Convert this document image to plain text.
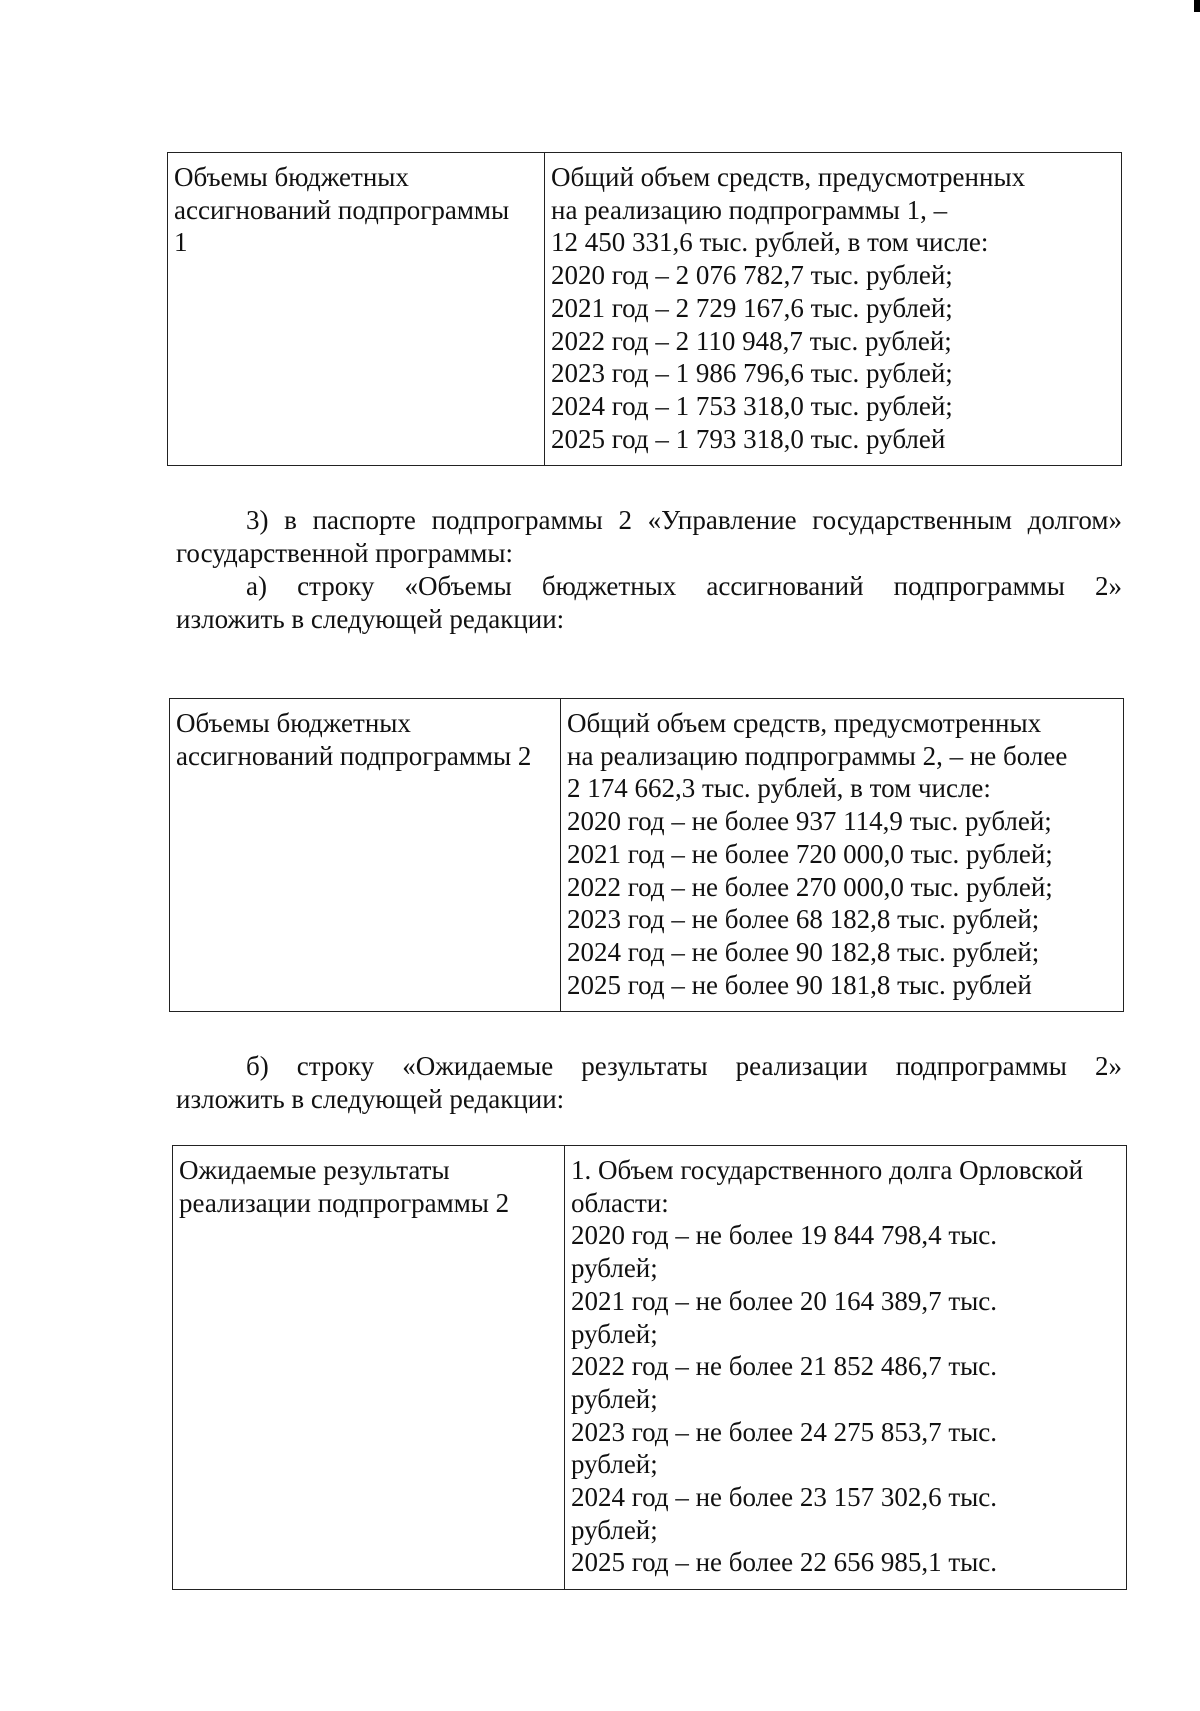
Объемы бюджетных
ассигнований подпрограммы
1

Общий объем средств, предусмотренных
на реализацию подпрограммы 1, –
12 450 331,6 тыс. рублей, в том числе:
2020 год – 2 076 782,7 тыс. рублей;
2021 год – 2 729 167,6 тыс. рублей;
2022 год – 2 110 948,7 тыс. рублей;
2023 год – 1 986 796,6 тыс. рублей;
2024 год – 1 753 318,0 тыс. рублей;
2025 год – 1 793 318,0 тыс. рублей
3) в паспорте подпрограммы 2 «Управление государственным долгом»
государственной программы:
а) строку «Объемы бюджетных ассигнований подпрограммы 2»
изложить в следующей редакции:
Объемы бюджетных
ассигнований подпрограммы 2

Общий объем средств, предусмотренных
на реализацию подпрограммы 2, – не более
2 174 662,3 тыс. рублей, в том числе:
2020 год – не более 937 114,9 тыс. рублей;
2021 год – не более 720 000,0 тыс. рублей;
2022 год – не более 270 000,0 тыс. рублей;
2023 год – не более 68 182,8 тыс. рублей;
2024 год – не более 90 182,8 тыс. рублей;
2025 год – не более 90 181,8 тыс. рублей
б) строку «Ожидаемые результаты реализации подпрограммы 2»
изложить в следующей редакции:
Ожидаемые результаты
реализации подпрограммы 2

1. Объем государственного долга Орловской
области:
2020 год – не более 19 844 798,4 тыс.
рублей;
2021 год – не более 20 164 389,7 тыс.
рублей;
2022 год – не более 21 852 486,7 тыс.
рублей;
2023 год – не более 24 275 853,7 тыс.
рублей;
2024 год – не более 23 157 302,6 тыс.
рублей;
2025 год – не более 22 656 985,1 тыс.
